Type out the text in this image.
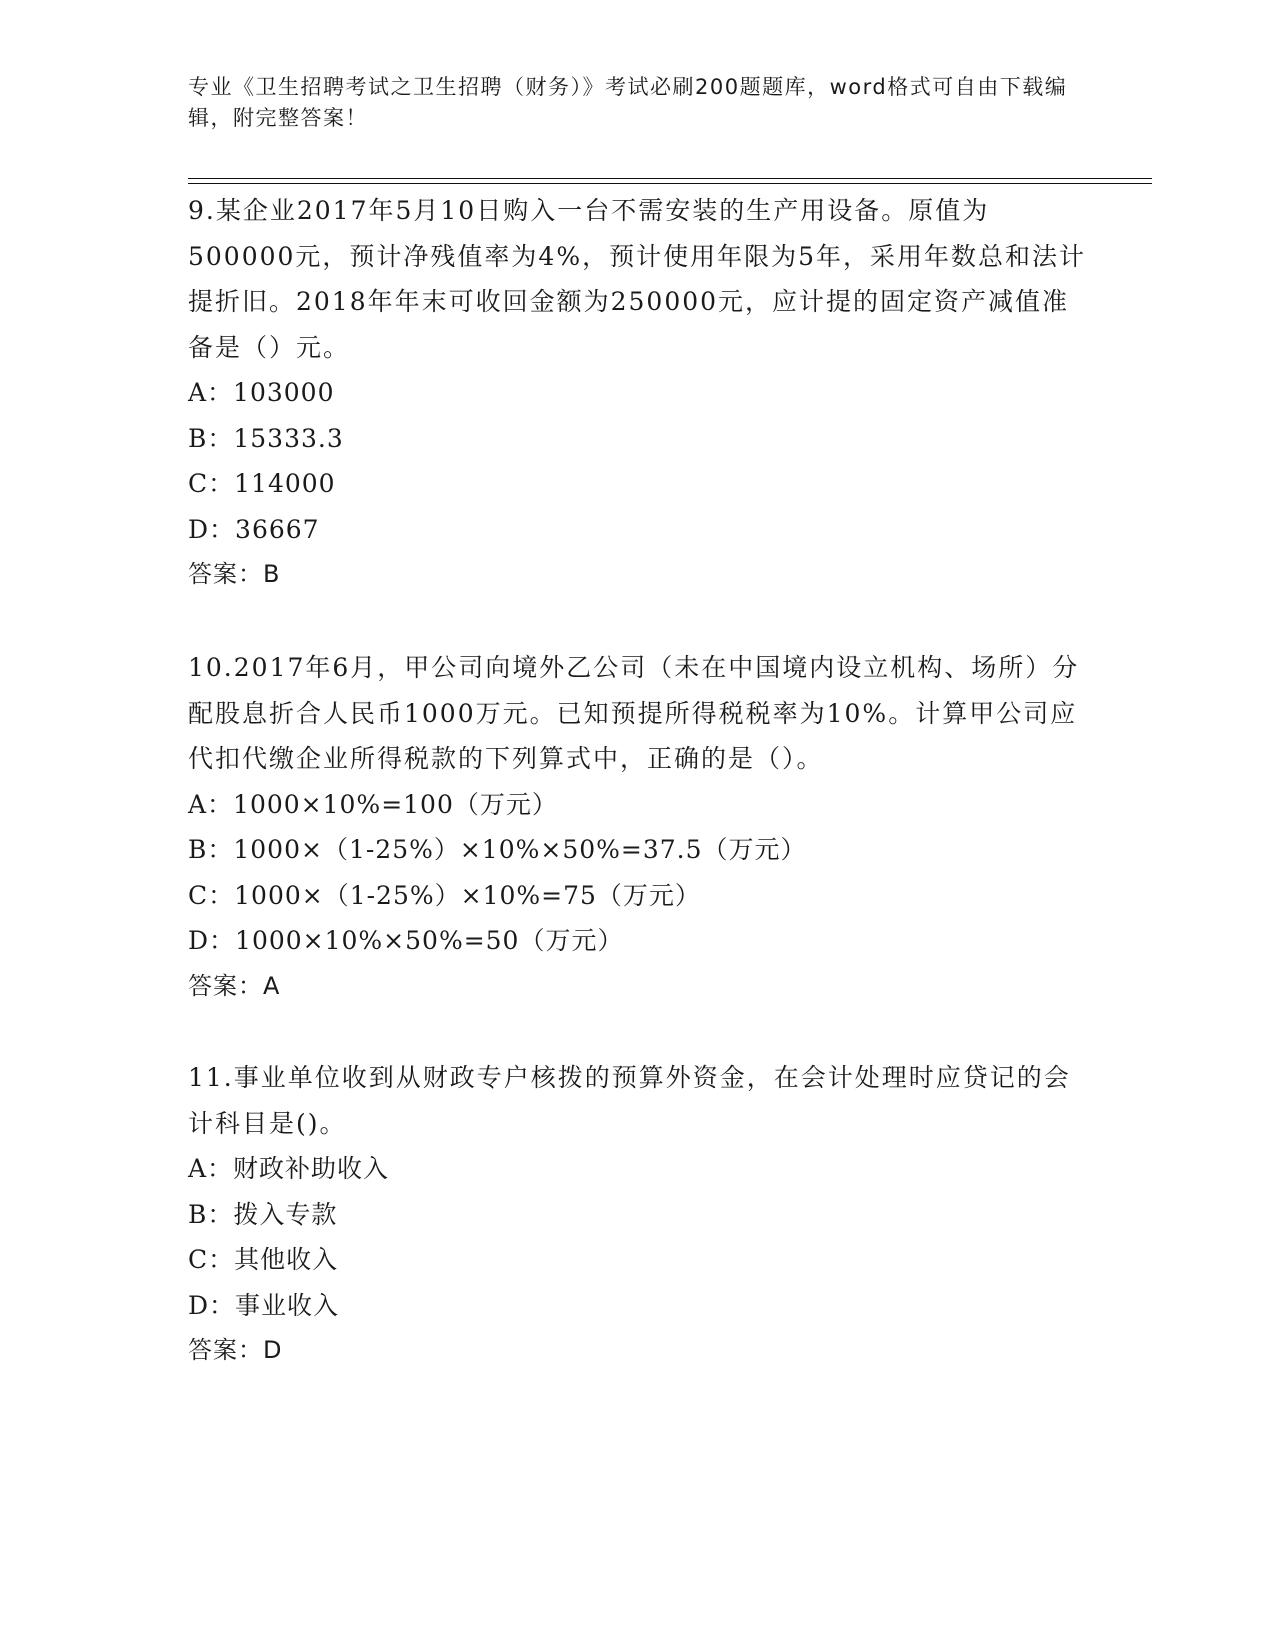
专业《卫生招聘考试之卫生招聘（财务）》考试必刷200题题库，word格式可自由下载编辑，附完整答案！
9.某企业2017年5月10日购入一台不需安装的生产用设备。原值为500000元，预计净残值率为4%，预计使用年限为5年，采用年数总和法计提折旧。2018年年末可收回金额为250000元，应计提的固定资产减值准备是（）元。
A：103000
B：15333.3
C：114000
D：36667
答案：B
10.2017年6月，甲公司向境外乙公司（未在中国境内设立机构、场所）分配股息折合人民币1000万元。已知预提所得税税率为10%。计算甲公司应代扣代缴企业所得税款的下列算式中，正确的是（）。
A：1000×10%=100（万元）
B：1000×（1-25%）×10%×50%=37.5（万元）
C：1000×（1-25%）×10%=75（万元）
D：1000×10%×50%=50（万元）
答案：A
11.事业单位收到从财政专户核拨的预算外资金，在会计处理时应贷记的会计科目是()。
A：财政补助收入
B：拨入专款
C：其他收入
D：事业收入
答案：D
